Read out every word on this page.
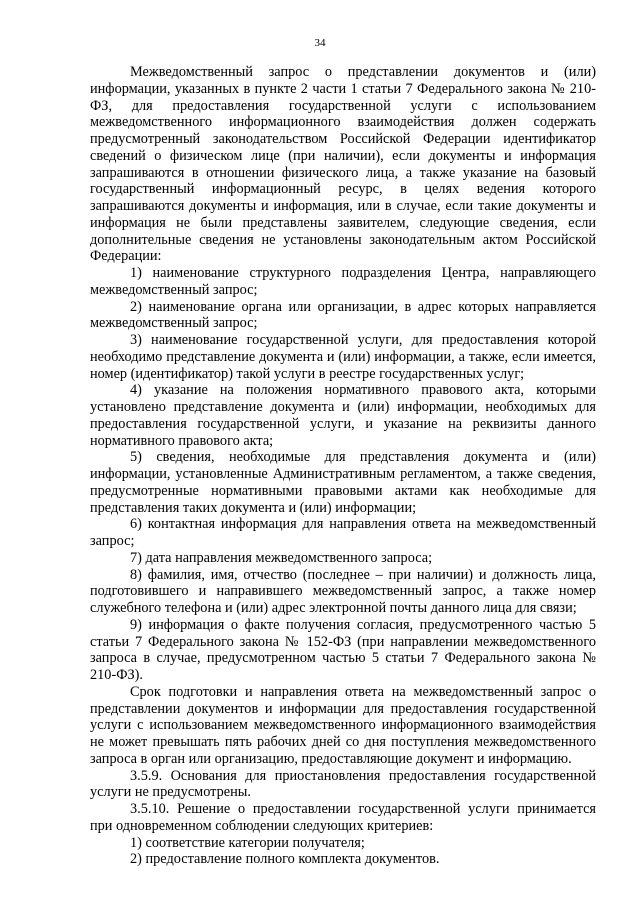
34

Межведомственный запрос о представлении документов и (или) информации, указанных в пункте 2 части 1 статьи 7 Федерального закона № 210-ФЗ, для предоставления государственной услуги с использованием межведомственного информационного взаимодействия должен содержать предусмотренный законодательством Российской Федерации идентификатор сведений о физическом лице (при наличии), если документы и информация запрашиваются в отношении физического лица, а также указание на базовый государственный информационный ресурс, в целях ведения которого запрашиваются документы и информация, или в случае, если такие документы и информация не были представлены заявителем, следующие сведения, если дополнительные сведения не установлены законодательным актом Российской Федерации:

1) наименование структурного подразделения Центра, направляющего межведомственный запрос;

2) наименование органа или организации, в адрес которых направляется межведомственный запрос;

3) наименование государственной услуги, для предоставления которой необходимо представление документа и (или) информации, а также, если имеется, номер (идентификатор) такой услуги в реестре государственных услуг;

4) указание на положения нормативного правового акта, которыми установлено представление документа и (или) информации, необходимых для предоставления государственной услуги, и указание на реквизиты данного нормативного правового акта;

5) сведения, необходимые для представления документа и (или) информации, установленные Административным регламентом, а также сведения, предусмотренные нормативными правовыми актами как необходимые для представления таких документа и (или) информации;

6) контактная информация для направления ответа на межведомственный запрос;

7) дата направления межведомственного запроса;

8) фамилия, имя, отчество (последнее – при наличии) и должность лица, подготовившего и направившего межведомственный запрос, а также номер служебного телефона и (или) адрес электронной почты данного лица для связи;

9) информация о факте получения согласия, предусмотренного частью 5 статьи 7 Федерального закона № 152-ФЗ (при направлении межведомственного запроса в случае, предусмотренном частью 5 статьи 7 Федерального закона № 210-ФЗ).

Срок подготовки и направления ответа на межведомственный запрос о представлении документов и информации для предоставления государственной услуги с использованием межведомственного информационного взаимодействия не может превышать пять рабочих дней со дня поступления межведомственного запроса в орган или организацию, предоставляющие документ и информацию.

3.5.9. Основания для приостановления предоставления государственной услуги не предусмотрены.

3.5.10. Решение о предоставлении государственной услуги принимается при одновременном соблюдении следующих критериев:

1) соответствие категории получателя;

2) предоставление полного комплекта документов.
